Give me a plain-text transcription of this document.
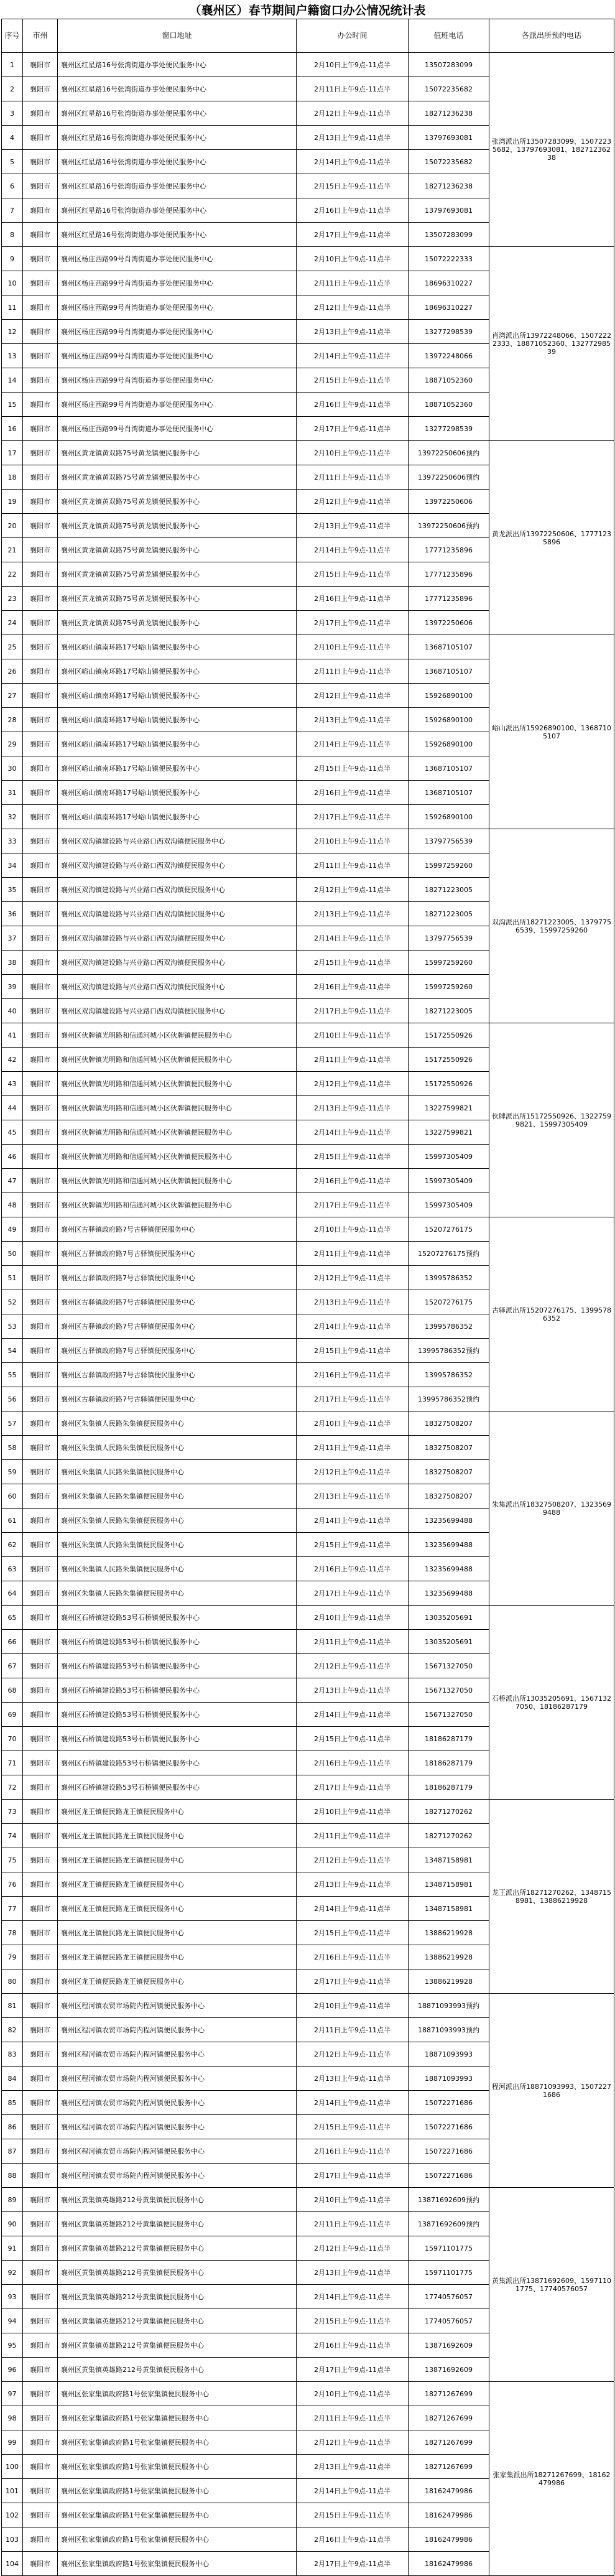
（襄州区）春节期间户籍窗口办公情况统计表
序号	市州	窗口地址	办公时间	值班电话	各派出所预约电话
1	襄阳市	襄州区红星路16号张湾街道办事处便民服务中心	2月10日上午9点-11点半	13507283099	张湾派出所13507283099、15072235682、13797693081、18271236238
2	襄阳市	襄州区红星路16号张湾街道办事处便民服务中心	2月11日上午9点-11点半	15072235682	
3	襄阳市	襄州区红星路16号张湾街道办事处便民服务中心	2月12日上午9点-11点半	18271236238	
4	襄阳市	襄州区红星路16号张湾街道办事处便民服务中心	2月13日上午9点-11点半	13797693081	
5	襄阳市	襄州区红星路16号张湾街道办事处便民服务中心	2月14日上午9点-11点半	15072235682	
6	襄阳市	襄州区红星路16号张湾街道办事处便民服务中心	2月15日上午9点-11点半	18271236238	
7	襄阳市	襄州区红星路16号张湾街道办事处便民服务中心	2月16日上午9点-11点半	13797693081	
8	襄阳市	襄州区红星路16号张湾街道办事处便民服务中心	2月17日上午9点-11点半	13507283099	
9	襄阳市	襄州区杨庄西路99号肖湾街道办事处便民服务中心	2月10日上午9点-11点半	15072222333	肖湾派出所13972248066、15072222333、18871052360、13277298539
10	襄阳市	襄州区杨庄西路99号肖湾街道办事处便民服务中心	2月11日上午9点-11点半	18696310227	
11	襄阳市	襄州区杨庄西路99号肖湾街道办事处便民服务中心	2月12日上午9点-11点半	18696310227	
12	襄阳市	襄州区杨庄西路99号肖湾街道办事处便民服务中心	2月13日上午9点-11点半	13277298539	
13	襄阳市	襄州区杨庄西路99号肖湾街道办事处便民服务中心	2月14日上午9点-11点半	13972248066	
14	襄阳市	襄州区杨庄西路99号肖湾街道办事处便民服务中心	2月15日上午9点-11点半	18871052360	
15	襄阳市	襄州区杨庄西路99号肖湾街道办事处便民服务中心	2月16日上午9点-11点半	18871052360	
16	襄阳市	襄州区杨庄西路99号肖湾街道办事处便民服务中心	2月17日上午9点-11点半	13277298539	
17	襄阳市	襄州区黄龙镇黄双路75号黄龙镇便民服务中心	2月10日上午9点-11点半	13972250606预约	黄龙派出所13972250606、17771235896
18	襄阳市	襄州区黄龙镇黄双路75号黄龙镇便民服务中心	2月11日上午9点-11点半	13972250606预约	
19	襄阳市	襄州区黄龙镇黄双路75号黄龙镇便民服务中心	2月12日上午9点-11点半	13972250606	
20	襄阳市	襄州区黄龙镇黄双路75号黄龙镇便民服务中心	2月13日上午9点-11点半	13972250606预约	
21	襄阳市	襄州区黄龙镇黄双路75号黄龙镇便民服务中心	2月14日上午9点-11点半	17771235896	
22	襄阳市	襄州区黄龙镇黄双路75号黄龙镇便民服务中心	2月15日上午9点-11点半	17771235896	
23	襄阳市	襄州区黄龙镇黄双路75号黄龙镇便民服务中心	2月16日上午9点-11点半	17771235896	
24	襄阳市	襄州区黄龙镇黄双路75号黄龙镇便民服务中心	2月17日上午9点-11点半	13972250606	
25	襄阳市	襄州区峪山镇南环路17号峪山镇便民服务中心	2月10日上午9点-11点半	13687105107	峪山派出所15926890100、13687105107
26	襄阳市	襄州区峪山镇南环路17号峪山镇便民服务中心	2月11日上午9点-11点半	13687105107	
27	襄阳市	襄州区峪山镇南环路17号峪山镇便民服务中心	2月12日上午9点-11点半	15926890100	
28	襄阳市	襄州区峪山镇南环路17号峪山镇便民服务中心	2月13日上午9点-11点半	15926890100	
29	襄阳市	襄州区峪山镇南环路17号峪山镇便民服务中心	2月14日上午9点-11点半	15926890100	
30	襄阳市	襄州区峪山镇南环路17号峪山镇便民服务中心	2月15日上午9点-11点半	13687105107	
31	襄阳市	襄州区峪山镇南环路17号峪山镇便民服务中心	2月16日上午9点-11点半	13687105107	
32	襄阳市	襄州区峪山镇南环路17号峪山镇便民服务中心	2月17日上午9点-11点半	15926890100	
33	襄阳市	襄州区双沟镇建设路与兴业路口西双沟镇便民服务中心	2月10日上午9点-11点半	13797756539	双沟派出所18271223005、13797756539、15997259260
34	襄阳市	襄州区双沟镇建设路与兴业路口西双沟镇便民服务中心	2月11日上午9点-11点半	15997259260	
35	襄阳市	襄州区双沟镇建设路与兴业路口西双沟镇便民服务中心	2月12日上午9点-11点半	18271223005	
36	襄阳市	襄州区双沟镇建设路与兴业路口西双沟镇便民服务中心	2月13日上午9点-11点半	18271223005	
37	襄阳市	襄州区双沟镇建设路与兴业路口西双沟镇便民服务中心	2月14日上午9点-11点半	13797756539	
38	襄阳市	襄州区双沟镇建设路与兴业路口西双沟镇便民服务中心	2月15日上午9点-11点半	15997259260	
39	襄阳市	襄州区双沟镇建设路与兴业路口西双沟镇便民服务中心	2月16日上午9点-11点半	15997259260	
40	襄阳市	襄州区双沟镇建设路与兴业路口西双沟镇便民服务中心	2月17日上午9点-11点半	18271223005	
41	襄阳市	襄州区伙牌镇光明路和信通河城小区伙牌镇便民服务中心	2月10日上午9点-11点半	15172550926	伙牌派出所15172550926、13227599821、15997305409
42	襄阳市	襄州区伙牌镇光明路和信通河城小区伙牌镇便民服务中心	2月11日上午9点-11点半	15172550926	
43	襄阳市	襄州区伙牌镇光明路和信通河城小区伙牌镇便民服务中心	2月12日上午9点-11点半	15172550926	
44	襄阳市	襄州区伙牌镇光明路和信通河城小区伙牌镇便民服务中心	2月13日上午9点-11点半	13227599821	
45	襄阳市	襄州区伙牌镇光明路和信通河城小区伙牌镇便民服务中心	2月14日上午9点-11点半	13227599821	
46	襄阳市	襄州区伙牌镇光明路和信通河城小区伙牌镇便民服务中心	2月15日上午9点-11点半	15997305409	
47	襄阳市	襄州区伙牌镇光明路和信通河城小区伙牌镇便民服务中心	2月16日上午9点-11点半	15997305409	
48	襄阳市	襄州区伙牌镇光明路和信通河城小区伙牌镇便民服务中心	2月17日上午9点-11点半	15997305409	
49	襄阳市	襄州区古驿镇政府路7号古驿镇便民服务中心	2月10日上午9点-11点半	15207276175	古驿派出所15207276175、13995786352
50	襄阳市	襄州区古驿镇政府路7号古驿镇便民服务中心	2月11日上午9点-11点半	15207276175预约	
51	襄阳市	襄州区古驿镇政府路7号古驿镇便民服务中心	2月12日上午9点-11点半	13995786352	
52	襄阳市	襄州区古驿镇政府路7号古驿镇便民服务中心	2月13日上午9点-11点半	15207276175	
53	襄阳市	襄州区古驿镇政府路7号古驿镇便民服务中心	2月14日上午9点-11点半	13995786352	
54	襄阳市	襄州区古驿镇政府路7号古驿镇便民服务中心	2月15日上午9点-11点半	13995786352预约	
55	襄阳市	襄州区古驿镇政府路7号古驿镇便民服务中心	2月16日上午9点-11点半	13995786352	
56	襄阳市	襄州区古驿镇政府路7号古驿镇便民服务中心	2月17日上午9点-11点半	13995786352预约	
57	襄阳市	襄州区朱集镇人民路朱集镇便民服务中心	2月10日上午9点-11点半	18327508207	朱集派出所18327508207、13235699488
58	襄阳市	襄州区朱集镇人民路朱集镇便民服务中心	2月11日上午9点-11点半	18327508207	
59	襄阳市	襄州区朱集镇人民路朱集镇便民服务中心	2月12日上午9点-11点半	18327508207	
60	襄阳市	襄州区朱集镇人民路朱集镇便民服务中心	2月13日上午9点-11点半	18327508207	
61	襄阳市	襄州区朱集镇人民路朱集镇便民服务中心	2月14日上午9点-11点半	13235699488	
62	襄阳市	襄州区朱集镇人民路朱集镇便民服务中心	2月15日上午9点-11点半	13235699488	
63	襄阳市	襄州区朱集镇人民路朱集镇便民服务中心	2月16日上午9点-11点半	13235699488	
64	襄阳市	襄州区朱集镇人民路朱集镇便民服务中心	2月17日上午9点-11点半	13235699488	
65	襄阳市	襄州区石桥镇建设路53号石桥镇便民服务中心	2月10日上午9点-11点半	13035205691	石桥派出所13035205691、15671327050、18186287179
66	襄阳市	襄州区石桥镇建设路53号石桥镇便民服务中心	2月11日上午9点-11点半	13035205691	
67	襄阳市	襄州区石桥镇建设路53号石桥镇便民服务中心	2月12日上午9点-11点半	15671327050	
68	襄阳市	襄州区石桥镇建设路53号石桥镇便民服务中心	2月13日上午9点-11点半	15671327050	
69	襄阳市	襄州区石桥镇建设路53号石桥镇便民服务中心	2月14日上午9点-11点半	15671327050	
70	襄阳市	襄州区石桥镇建设路53号石桥镇便民服务中心	2月15日上午9点-11点半	18186287179	
71	襄阳市	襄州区石桥镇建设路53号石桥镇便民服务中心	2月16日上午9点-11点半	18186287179	
72	襄阳市	襄州区石桥镇建设路53号石桥镇便民服务中心	2月17日上午9点-11点半	18186287179	
73	襄阳市	襄州区龙王镇便民路龙王镇便民服务中心	2月10日上午9点-11点半	18271270262	龙王派出所18271270262、13487158981、13886219928
74	襄阳市	襄州区龙王镇便民路龙王镇便民服务中心	2月11日上午9点-11点半	18271270262	
75	襄阳市	襄州区龙王镇便民路龙王镇便民服务中心	2月12日上午9点-11点半	13487158981	
76	襄阳市	襄州区龙王镇便民路龙王镇便民服务中心	2月13日上午9点-11点半	13487158981	
77	襄阳市	襄州区龙王镇便民路龙王镇便民服务中心	2月14日上午9点-11点半	13487158981	
78	襄阳市	襄州区龙王镇便民路龙王镇便民服务中心	2月15日上午9点-11点半	13886219928	
79	襄阳市	襄州区龙王镇便民路龙王镇便民服务中心	2月16日上午9点-11点半	13886219928	
80	襄阳市	襄州区龙王镇便民路龙王镇便民服务中心	2月17日上午9点-11点半	13886219928	
81	襄阳市	襄州区程河镇农贸市场院内程河镇便民服务中心	2月10日上午9点-11点半	18871093993预约	程河派出所18871093993、15072271686
82	襄阳市	襄州区程河镇农贸市场院内程河镇便民服务中心	2月11日上午9点-11点半	18871093993预约	
83	襄阳市	襄州区程河镇农贸市场院内程河镇便民服务中心	2月12日上午9点-11点半	18871093993	
84	襄阳市	襄州区程河镇农贸市场院内程河镇便民服务中心	2月13日上午9点-11点半	18871093993	
85	襄阳市	襄州区程河镇农贸市场院内程河镇便民服务中心	2月14日上午9点-11点半	15072271686	
86	襄阳市	襄州区程河镇农贸市场院内程河镇便民服务中心	2月15日上午9点-11点半	15072271686	
87	襄阳市	襄州区程河镇农贸市场院内程河镇便民服务中心	2月16日上午9点-11点半	15072271686	
88	襄阳市	襄州区程河镇农贸市场院内程河镇便民服务中心	2月17日上午9点-11点半	15072271686	
89	襄阳市	襄州区黄集镇英雄路212号黄集镇便民服务中心	2月10日上午9点-11点半	13871692609预约	黄集派出所13871692609、15971101775、17740576057
90	襄阳市	襄州区黄集镇英雄路212号黄集镇便民服务中心	2月11日上午9点-11点半	13871692609预约	
91	襄阳市	襄州区黄集镇英雄路212号黄集镇便民服务中心	2月12日上午9点-11点半	15971101775	
92	襄阳市	襄州区黄集镇英雄路212号黄集镇便民服务中心	2月13日上午9点-11点半	15971101775	
93	襄阳市	襄州区黄集镇英雄路212号黄集镇便民服务中心	2月14日上午9点-11点半	17740576057	
94	襄阳市	襄州区黄集镇英雄路212号黄集镇便民服务中心	2月15日上午9点-11点半	17740576057	
95	襄阳市	襄州区黄集镇英雄路212号黄集镇便民服务中心	2月16日上午9点-11点半	13871692609	
96	襄阳市	襄州区黄集镇英雄路212号黄集镇便民服务中心	2月17日上午9点-11点半	13871692609	
97	襄阳市	襄州区张家集镇政府路1号张家集镇便民服务中心	2月10日上午9点-11点半	18271267699	张家集派出所18271267699、18162479986
98	襄阳市	襄州区张家集镇政府路1号张家集镇便民服务中心	2月11日上午9点-11点半	18271267699	
99	襄阳市	襄州区张家集镇政府路1号张家集镇便民服务中心	2月12日上午9点-11点半	18271267699	
100	襄阳市	襄州区张家集镇政府路1号张家集镇便民服务中心	2月13日上午9点-11点半	18271267699	
101	襄阳市	襄州区张家集镇政府路1号张家集镇便民服务中心	2月14日上午9点-11点半	18162479986	
102	襄阳市	襄州区张家集镇政府路1号张家集镇便民服务中心	2月15日上午9点-11点半	18162479986	
103	襄阳市	襄州区张家集镇政府路1号张家集镇便民服务中心	2月16日上午9点-11点半	18162479986	
104	襄阳市	襄州区张家集镇政府路1号张家集镇便民服务中心	2月17日上午9点-11点半	18162479986	
